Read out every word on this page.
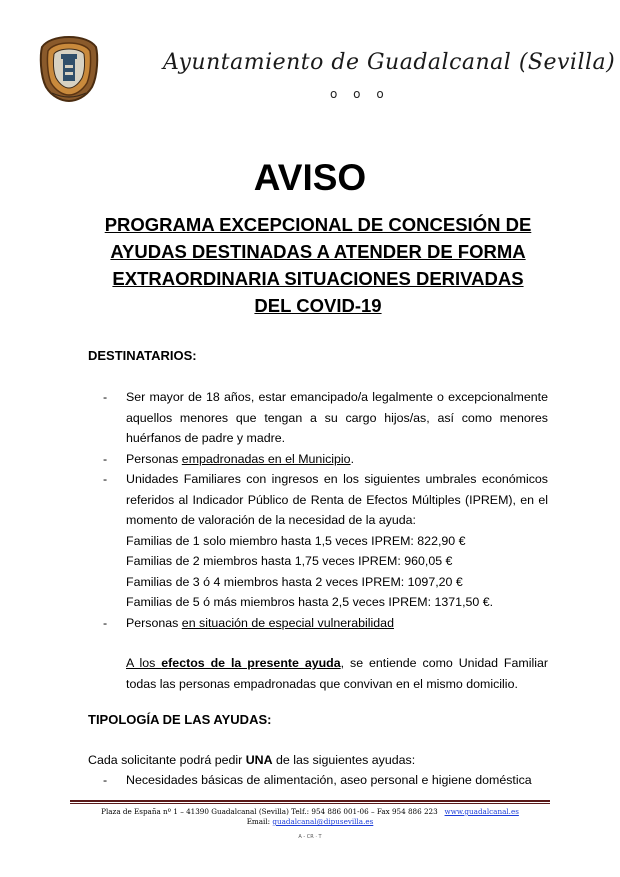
Ayuntamiento de Guadalcanal (Sevilla)
o o o
AVISO
PROGRAMA EXCEPCIONAL DE CONCESIÓN DE
AYUDAS DESTINADAS A ATENDER DE FORMA
EXTRAORDINARIA SITUACIONES DERIVADAS
DEL COVID-19
DESTINATARIOS:
- Ser mayor de 18 años, estar emancipado/a legalmente o excepcionalmente aquellos menores que tengan a su cargo hijos/as, así como menores huérfanos de padre y madre.
- Personas empadronadas en el Municipio.
- Unidades Familiares con ingresos en los siguientes umbrales económicos referidos al Indicador Público de Renta de Efectos Múltiples (IPREM), en el momento de valoración de la necesidad de la ayuda:
Familias de 1 solo miembro hasta 1,5 veces IPREM: 822,90 €
Familias de 2 miembros hasta 1,75 veces IPREM: 960,05 €
Familias de 3 ó 4 miembros hasta 2 veces IPREM: 1097,20 €
Familias de 5 ó más miembros hasta 2,5 veces IPREM: 1371,50 €.
- Personas en situación de especial vulnerabilidad
A los efectos de la presente ayuda, se entiende como Unidad Familiar todas las personas empadronadas que convivan en el mismo domicilio.
TIPOLOGÍA DE LAS AYUDAS:
Cada solicitante podrá pedir UNA de las siguientes ayudas:
- Necesidades básicas de alimentación, aseo personal e higiene doméstica
Plaza de España nº 1 – 41390 Guadalcanal (Sevilla) Telf.: 954 886 001-06 – Fax 954 886 223 www.guadalcanal.es
Email: guadalcanal@dipusevilla.es
A - CR · T
